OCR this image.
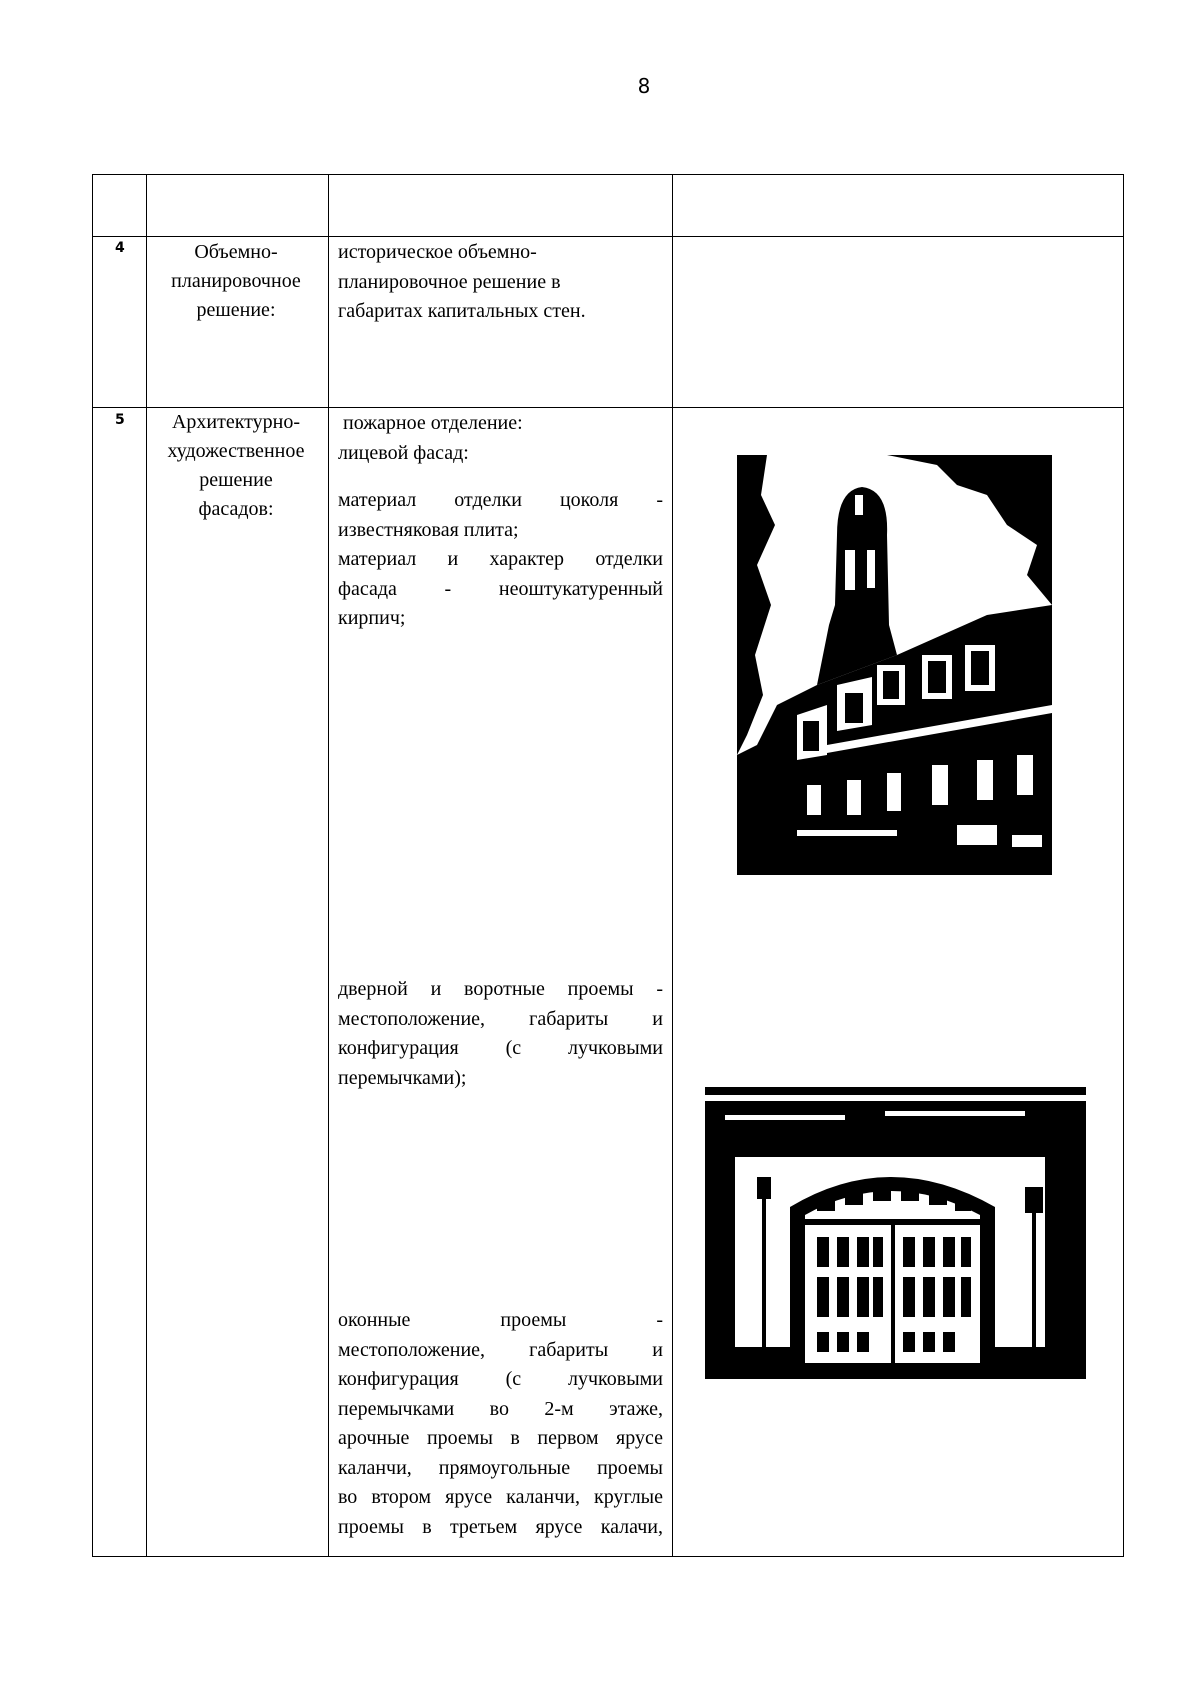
8
4	Объемно-
планировочное
решение:
историческое объемно-
планировочное решение в
габаритах капитальных стен.
5	Архитектурно-
художественное
решение
фасадов:
пожарное отделение:
лицевой фасад:
материал отделки цоколя -
известняковая плита;
материал и характер отделки
фасада - неоштукатуренный
кирпич;
дверной и воротные проемы -
местоположение, габариты и
конфигурация (с лучковыми
перемычками);
оконные проемы -
местоположение, габариты и
конфигурация (с лучковыми
перемычками во 2-м этаже,
арочные проемы в первом ярусе
каланчи, прямоугольные проемы
во втором ярусе каланчи, круглые
проемы в третьем ярусе калачи,
